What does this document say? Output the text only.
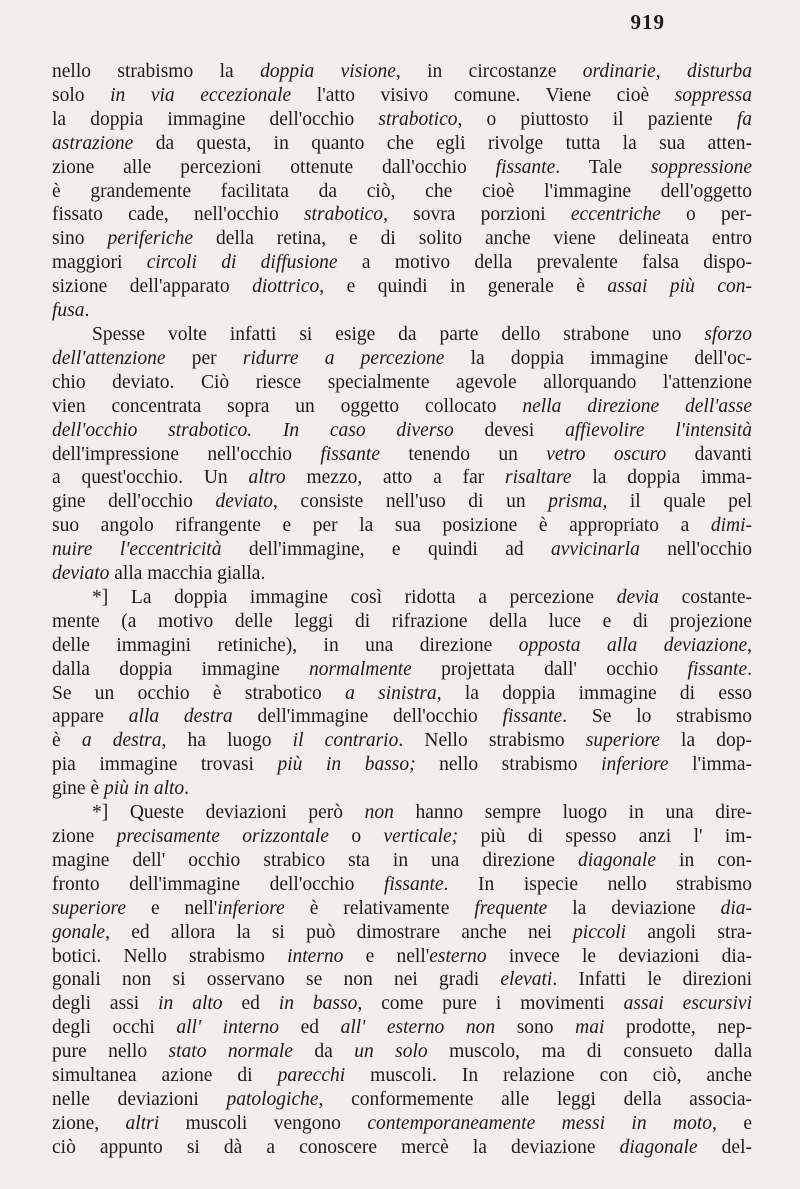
919

nello strabismo la doppia visione, in circostanze ordinarie, disturba
solo in via eccezionale l'atto visivo comune. Viene cioè soppressa
la doppia immagine dell'occhio strabotico, o piuttosto il paziente fa
astrazione da questa, in quanto che egli rivolge tutta la sua atten-
zione alle percezioni ottenute dall'occhio fissante. Tale soppressione
è grandemente facilitata da ciò, che cioè l'immagine dell'oggetto
fissato cade, nell'occhio strabotico, sovra porzioni eccentriche o per-
sino periferiche della retina, e di solito anche viene delineata entro
maggiori circoli di diffusione a motivo della prevalente falsa dispo-
sizione dell'apparato diottrico, e quindi in generale è assai più con-
fusa.

Spesse volte infatti si esige da parte dello strabone uno sforzo
dell'attenzione per ridurre a percezione la doppia immagine dell'oc-
chio deviato. Ciò riesce specialmente agevole allorquando l'attenzione
vien concentrata sopra un oggetto collocato nella direzione dell'asse
dell'occhio strabotico. In caso diverso devesi affievolire l'intensità
dell'impressione nell'occhio fissante tenendo un vetro oscuro davanti
a quest'occhio. Un altro mezzo, atto a far risaltare la doppia imma-
gine dell'occhio deviato, consiste nell'uso di un prisma, il quale pel
suo angolo rifrangente e per la sua posizione è appropriato a dimi-
nuire l'eccentricità dell'immagine, e quindi ad avvicinarla nell'occhio
deviato alla macchia gialla.

*] La doppia immagine così ridotta a percezione devia costante-
mente (a motivo delle leggi di rifrazione della luce e di projezione
delle immagini retiniche), in una direzione opposta alla deviazione,
dalla doppia immagine normalmente projettata dall' occhio fissante.
Se un occhio è strabotico a sinistra, la doppia immagine di esso
appare alla destra dell'immagine dell'occhio fissante. Se lo strabismo
è a destra, ha luogo il contrario. Nello strabismo superiore la dop-
pia immagine trovasi più in basso; nello strabismo inferiore l'imma-
gine è più in alto.

*] Queste deviazioni però non hanno sempre luogo in una dire-
zione precisamente orizzontale o verticale; più di spesso anzi l' im-
magine dell' occhio strabico sta in una direzione diagonale in con-
fronto dell'immagine dell'occhio fissante. In ispecie nello strabismo
superiore e nell'inferiore è relativamente frequente la deviazione dia-
gonale, ed allora la si può dimostrare anche nei piccoli angoli stra-
botici. Nello strabismo interno e nell'esterno invece le deviazioni dia-
gonali non si osservano se non nei gradi elevati. Infatti le direzioni
degli assi in alto ed in basso, come pure i movimenti assai escursivi
degli occhi all' interno ed all' esterno non sono mai prodotte, nep-
pure nello stato normale da un solo muscolo, ma di consueto dalla
simultanea azione di parecchi muscoli. In relazione con ciò, anche
nelle deviazioni patologiche, conformemente alle leggi della associa-
zione, altri muscoli vengono contemporaneamente messi in moto, e
ciò appunto si dà a conoscere mercè la deviazione diagonale del-
